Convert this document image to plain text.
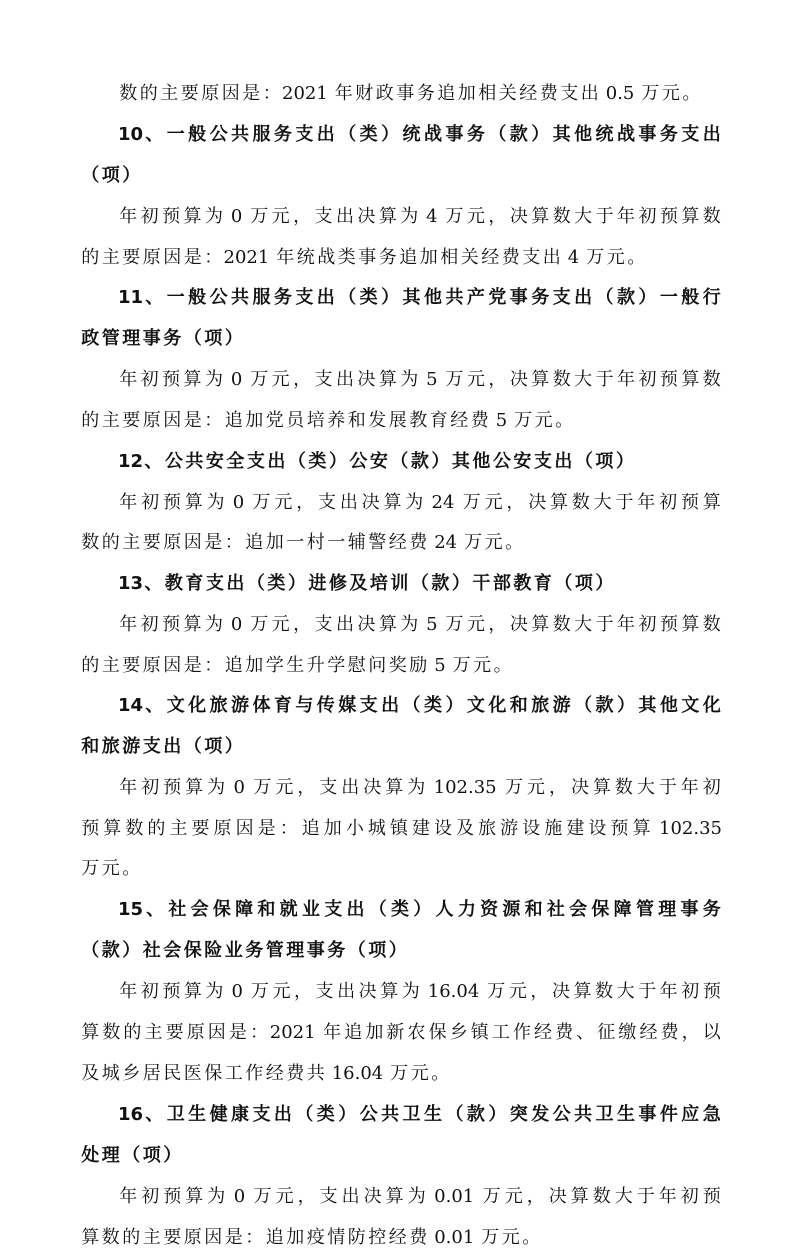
数 的 主 要 原 因 是 ： 2021 年 财 政 事 务 追 加 相 关 经 费 支 出 0.5 万 元 。
10 、 一 般 公 共 服 务 支 出 （ 类 ） 统 战 事 务 （ 款 ） 其 他 统 战 事 务 支 出
（ 项 ）
年 初 预 算 为 0 万 元 ， 支 出 决 算 为 4 万 元 ， 决 算 数 大 于 年 初 预 算 数
的 主 要 原 因 是 ： 2021 年 统 战 类 事 务 追 加 相 关 经 费 支 出 4 万 元 。
11 、 一 般 公 共 服 务 支 出 （ 类 ） 其 他 共 产 党 事 务 支 出 （ 款 ） 一 般 行
政 管 理 事 务 （ 项 ）
年 初 预 算 为 0 万 元 ， 支 出 决 算 为 5 万 元 ， 决 算 数 大 于 年 初 预 算 数
的 主 要 原 因 是 ： 追 加 党 员 培 养 和 发 展 教 育 经 费 5 万 元 。
12 、 公 共 安 全 支 出 （ 类 ） 公 安 （ 款 ） 其 他 公 安 支 出 （ 项 ）
年 初 预 算 为 0 万 元 ， 支 出 决 算 为 24 万 元 ， 决 算 数 大 于 年 初 预 算
数 的 主 要 原 因 是 ： 追 加 一 村 一 辅 警 经 费 24 万 元 。
13 、 教 育 支 出 （ 类 ） 进 修 及 培 训 （ 款 ） 干 部 教 育 （ 项 ）
年 初 预 算 为 0 万 元 ， 支 出 决 算 为 5 万 元 ， 决 算 数 大 于 年 初 预 算 数
的 主 要 原 因 是 ： 追 加 学 生 升 学 慰 问 奖 励 5 万 元 。
14 、 文 化 旅 游 体 育 与 传 媒 支 出 （ 类 ） 文 化 和 旅 游 （ 款 ） 其 他 文 化
和 旅 游 支 出 （ 项 ）
年 初 预 算 为 0 万 元 ， 支 出 决 算 为 102.35 万 元 ， 决 算 数 大 于 年 初
预 算 数 的 主 要 原 因 是 ： 追 加 小 城 镇 建 设 及 旅 游 设 施 建 设 预 算 102.35
万 元 。
15 、 社 会 保 障 和 就 业 支 出 （ 类 ） 人 力 资 源 和 社 会 保 障 管 理 事 务
（ 款 ） 社 会 保 险 业 务 管 理 事 务 （ 项 ）
年 初 预 算 为 0 万 元 ， 支 出 决 算 为 16.04 万 元 ， 决 算 数 大 于 年 初 预
算 数 的 主 要 原 因 是 ： 2021 年 追 加 新 农 保 乡 镇 工 作 经 费 、 征 缴 经 费 ， 以
及 城 乡 居 民 医 保 工 作 经 费 共 16.04 万 元 。
16 、 卫 生 健 康 支 出 （ 类 ） 公 共 卫 生 （ 款 ） 突 发 公 共 卫 生 事 件 应 急
处 理 （ 项 ）
年 初 预 算 为 0 万 元 ， 支 出 决 算 为 0.01 万 元 ， 决 算 数 大 于 年 初 预
算 数 的 主 要 原 因 是 ： 追 加 疫 情 防 控 经 费 0.01 万 元 。
